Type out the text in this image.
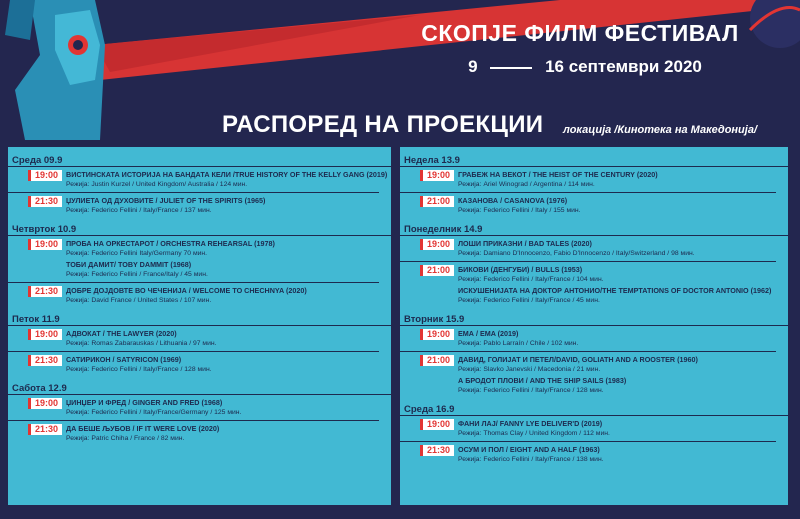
СКОПЈЕ ФИЛМ ФЕСТИВАЛ
9	16 септември 2020
РАСПОРЕД НА ПРОЕКЦИИ локација /Кинотека на Македонија/
Среда 09.9
19:00	ВИСТИНСКАТА ИСТОРИЈА НА БАНДАТА КЕЛИ /TRUE HISTORY OF THE KELLY GANG (2019)
Режија: Justin Kurzel / United Kingdom/ Australia / 124 мин.
21:30	ЏУЛИЕТА ОД ДУХОВИТЕ / JULIET OF THE SPIRITS (1965)
Режија: Federico Fellini / Italy/France / 137 мин.
Четврток 10.9
19:00	ПРОБА НА ОРКЕСТАРОТ / ORCHESTRA REHEARSAL (1978)
Режија: Federico Fellini Italy/Germany 70 мин.
ТОБИ ДАМИТ/ TOBY DAMMIT (1968)
Режија: Federico Fellini / France/Italy / 45 мин.
21:30	ДОБРЕ ДОЈДОВТЕ ВО ЧЕЧЕНИЈА / WELCOME TO CHECHNYA (2020)
Режија: David France / United States / 107 мин.
Петок 11.9
19:00	АДВОКАТ / THE LAWYER (2020)
Режија: Romas Zabarauskas / Lithuania / 97 мин.
21:30	САТИРИКОН / SATYRICON (1969)
Режија: Federico Fellini / Italy/France / 128 мин.
Сабота 12.9
19:00	ЏИНЏЕР И ФРЕД / GINGER AND FRED (1968)
Режија: Federico Fellini / Italy/France/Germany / 125 мин.
21:30	ДА БЕШЕ ЉУБОВ / IF IT WERE LOVE (2020)
Режија: Patric Chiha / France / 82 мин.
Недела 13.9
19:00	ГРАБЕЖ НА ВЕКОТ / THE HEIST OF THE CENTURY (2020)
Режија: Ariel Winograd / Argentina / 114 мин.
21:00	КАЗАНОВА / CASANOVA (1976)
Режија: Federico Fellini / Italy / 155 мин.
Понеделник 14.9
19:00	ЛОШИ ПРИКАЗНИ / BAD TALES (2020)
Режија: Damiano D'Innocenzo, Fabio D'Innocenzo / Italy/Switzerland / 98 мин.
21:00	БИКОВИ (ДЕНГУБИ) / BULLS (1953)
Режија: Federico Fellini / Italy/France / 104 мин.
ИСКУШЕНИЈАТА НА ДОКТОР АНТОНИО/THE TEMPTATIONS OF DOCTOR ANTONIO (1962)
Режија: Federico Fellini / Italy/France / 45 мин.
Вторник 15.9
19:00	ЕМА / EMA (2019)
Режија: Pablo Larraín / Chile / 102 мин.
21:00	ДАВИД, ГОЛИЈАТ И ПЕТЕЛ/DAVID, GOLIATH AND A ROOSTER (1960)
Режија: Slavko Janevski / Macedonia / 21 мин.
А БРОДОТ ПЛОВИ / AND THE SHIP SAILS (1983)
Режија: Federico Fellini / Italy/France / 128 мин.
Среда 16.9
19:00	ФАНИ ЛАЈ/ FANNY LYE DELIVER'D (2019)
Режија: Thomas Clay / United Kingdom / 112 мин.
21:30	ОСУМ И ПОЛ / EIGHT AND A HALF (1963)
Режија: Federico Fellini / Italy/France / 138 мин.
